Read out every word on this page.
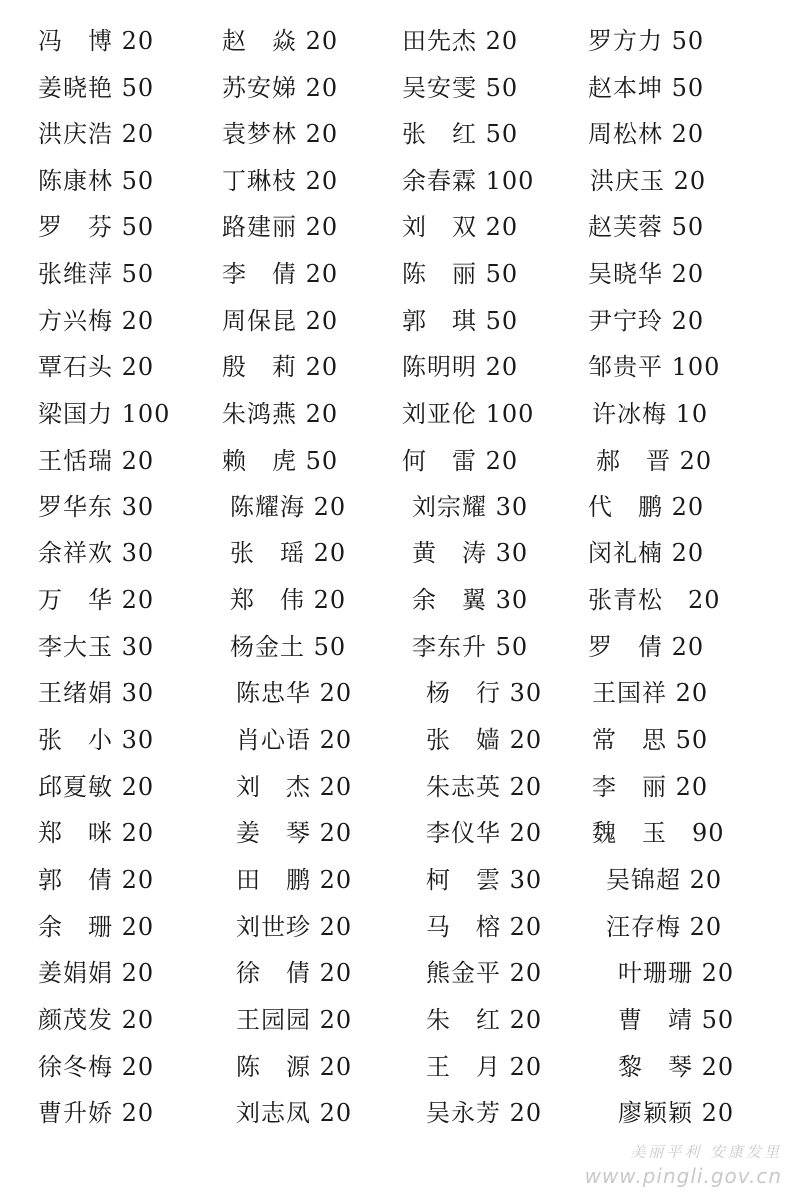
冯　博 20	赵　焱 20	田先杰 20	罗方力 50
姜晓艳 50	苏安娣 20	吴安雯 50	赵本坤 50
洪庆浩 20	袁梦林 20	张　红 50	周松林 20
陈康林 50	丁琳枝 20	余春霖 100 洪庆玉 20
罗　芬 50	路建丽 20	刘　双 20	赵芙蓉 50
张维萍 50	李　倩 20	陈　丽 50	吴晓华 20
方兴梅 20	周保昆 20	郭　琪 50	尹宁玲 20
覃石头 20	殷　莉 20	陈明明 20	邹贵平 100
梁国力 100 朱鸿燕 20	刘亚伦 100 许冰梅 10
王恬瑞 20	赖　虎 50	何　雷 20	郝　晋 20
罗华东 30	陈耀海 20	刘宗耀 30 代　鹏 20
余祥欢 30	张　瑶 20	黄　涛 30 闵礼楠 20
万　华 20	郑　伟 20	余　翼 30 张青松　20
李大玉 30	杨金土 50	李东升 50 罗　倩 20
王绪娟 30	陈忠华 20	杨　行 30 王国祥 20
张　小 30	肖心语 20	张　嫱 20 常　思 50
邱夏敏 20	刘　杰 20	朱志英 20 李　丽 20
郑　咪 20	姜　琴 20	李仪华 20 魏　玉　90
郭　倩 20	田　鹏 20	柯　雲 30	吴锦超 20
余　珊 20	刘世珍 20	马　榕 20	汪存梅 20
姜娟娟 20	徐　倩 20	熊金平 20	叶珊珊 20
颜茂发 20	王园园 20	朱　红 20	曹　靖 50
徐冬梅 20	陈　源 20	王　月 20	黎　琴 20
曹升娇 20	刘志凤 20	吴永芳 20	廖颖颖 20
美丽平利 安康发里
www.pingli.gov.cn
